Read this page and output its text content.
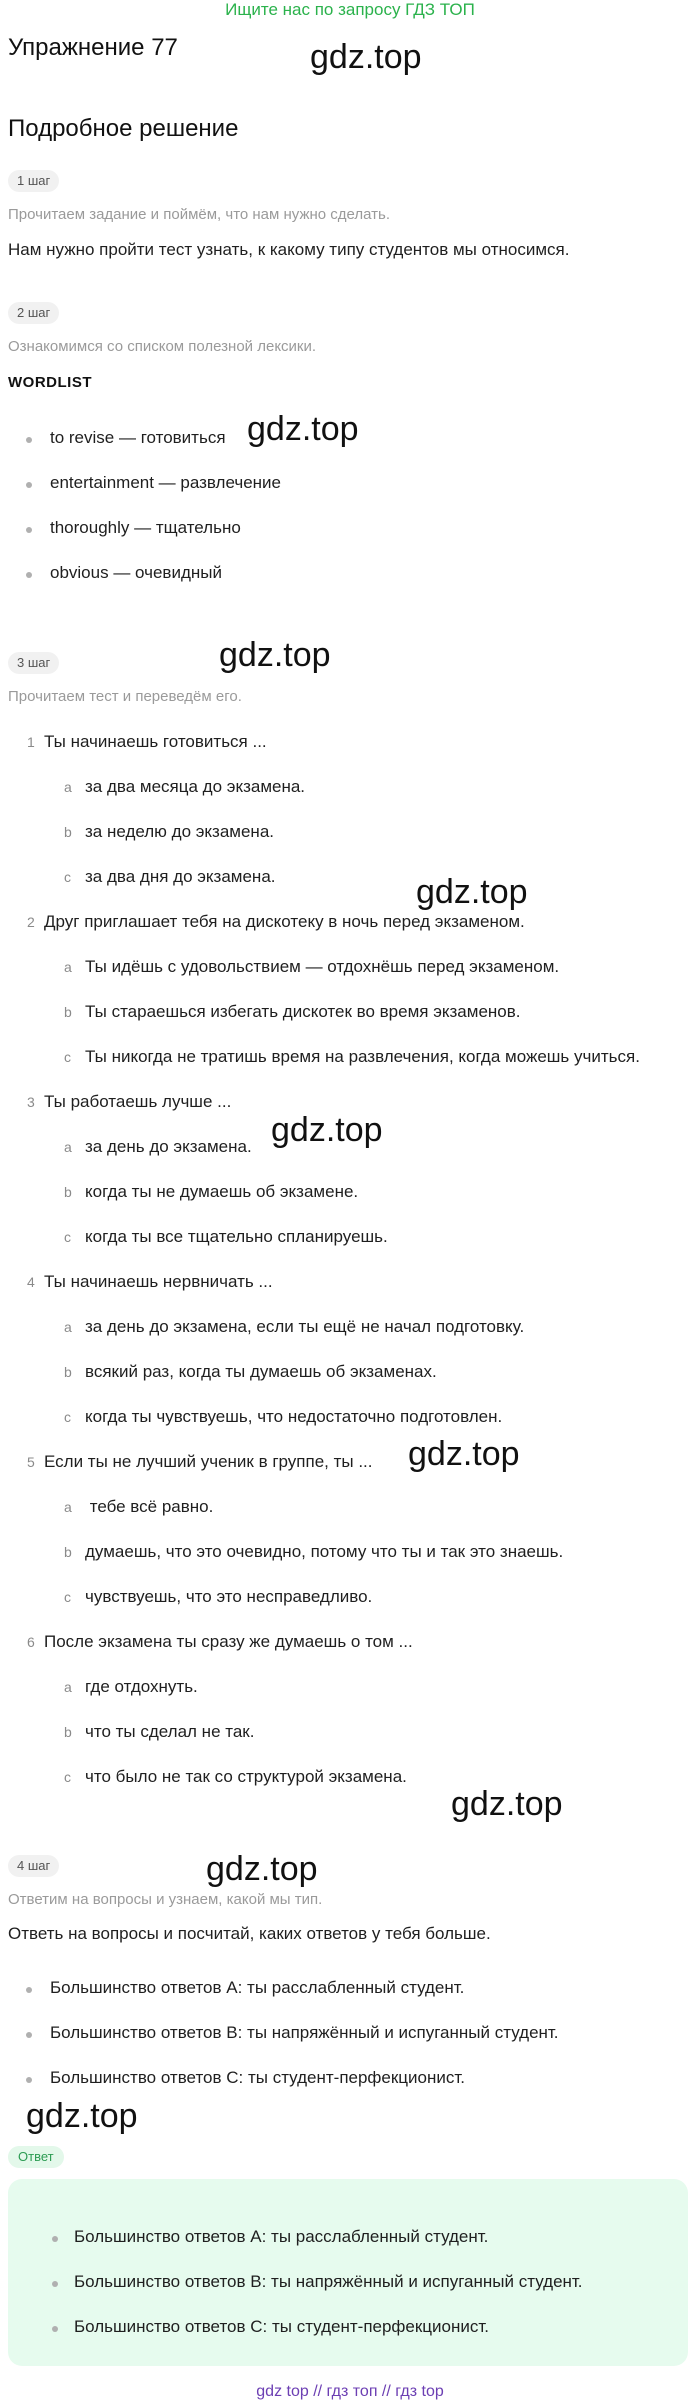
Ищите нас по запросу ГДЗ ТОП
Упражнение 77
Подробное решение
gdz.top
gdz.top
gdz.top
gdz.top
gdz.top
gdz.top
gdz.top
gdz.top
gdz.top
1 шаг
Прочитаем задание и поймём, что нам нужно сделать.
Нам нужно пройти тест узнать, к какому типу студентов мы относимся.
2 шаг
Ознакомимся со списком полезной лексики.
WORDLIST
to revise — готовиться
entertainment — развлечение
thoroughly — тщательно
obvious — очевидный
3 шаг
Прочитаем тест и переведём его.
1 Ты начинаешь готовиться ...
a за два месяца до экзамена.
b за неделю до экзамена.
c за два дня до экзамена.
2 Друг приглашает тебя на дискотеку в ночь перед экзаменом.
a Ты идёшь с удовольствием — отдохнёшь перед экзаменом.
b Ты стараешься избегать дискотек во время экзаменов.
c Ты никогда не тратишь время на развлечения, когда можешь учиться.
3 Ты работаешь лучше ...
a за день до экзамена.
b когда ты не думаешь об экзамене.
c когда ты все тщательно спланируешь.
4 Ты начинаешь нервничать ...
a за день до экзамена, если ты ещё не начал подготовку.
b всякий раз, когда ты думаешь об экзаменах.
c когда ты чувствуешь, что недостаточно подготовлен.
5 Если ты не лучший ученик в группе, ты ...
a тебе всё равно.
b думаешь, что это очевидно, потому что ты и так это знаешь.
c чувствуешь, что это несправедливо.
6 После экзамена ты сразу же думаешь о том ...
a где отдохнуть.
b что ты сделал не так.
c что было не так со структурой экзамена.
4 шаг
Ответим на вопросы и узнаем, какой мы тип.
Ответь на вопросы и посчитай, каких ответов у тебя больше.
Большинство ответов A: ты расслабленный студент.
Большинство ответов B: ты напряжённый и испуганный студент.
Большинство ответов C: ты студент-перфекционист.
Ответ
Большинство ответов A: ты расслабленный студент.
Большинство ответов B: ты напряжённый и испуганный студент.
Большинство ответов C: ты студент-перфекционист.
gdz top // гдз топ // гдз top
